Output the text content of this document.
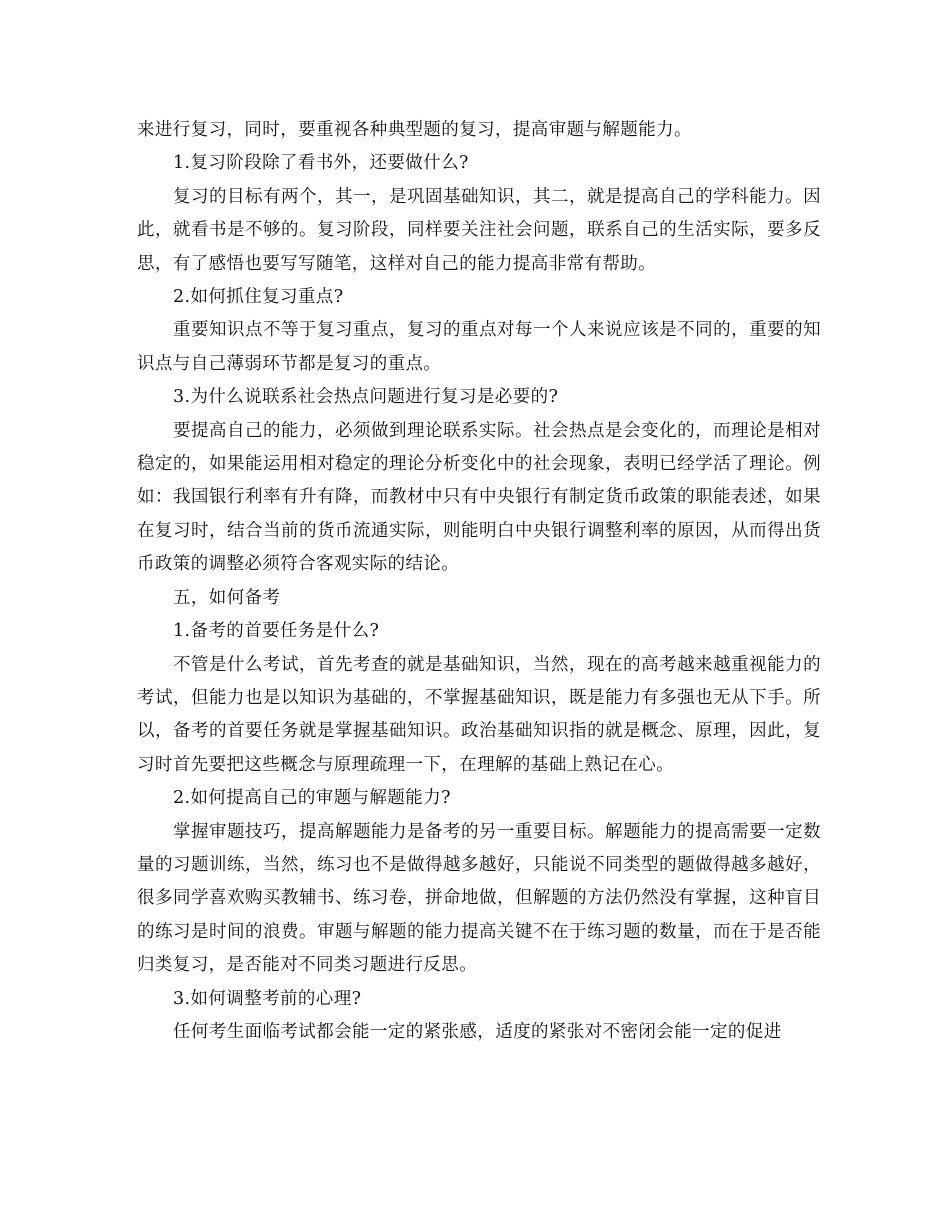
来进行复习，同时，要重视各种典型题的复习，提高审题与解题能力。

1.复习阶段除了看书外，还要做什么?

复习的目标有两个，其一，是巩固基础知识，其二，就是提高自己的学科能力。因此，就看书是不够的。复习阶段，同样要关注社会问题，联系自己的生活实际，要多反思，有了感悟也要写写随笔，这样对自己的能力提高非常有帮助。

2.如何抓住复习重点?

重要知识点不等于复习重点，复习的重点对每一个人来说应该是不同的，重要的知识点与自己薄弱环节都是复习的重点。

3.为什么说联系社会热点问题进行复习是必要的?

要提高自己的能力，必须做到理论联系实际。社会热点是会变化的，而理论是相对稳定的，如果能运用相对稳定的理论分析变化中的社会现象，表明已经学活了理论。例如：我国银行利率有升有降，而教材中只有中央银行有制定货币政策的职能表述，如果在复习时，结合当前的货币流通实际，则能明白中央银行调整利率的原因，从而得出货币政策的调整必须符合客观实际的结论。

五，如何备考

1.备考的首要任务是什么?

不管是什么考试，首先考查的就是基础知识，当然，现在的高考越来越重视能力的考试，但能力也是以知识为基础的，不掌握基础知识，既是能力有多强也无从下手。所以，备考的首要任务就是掌握基础知识。政治基础知识指的就是概念、原理，因此，复习时首先要把这些概念与原理疏理一下，在理解的基础上熟记在心。

2.如何提高自己的审题与解题能力?

掌握审题技巧，提高解题能力是备考的另一重要目标。解题能力的提高需要一定数量的习题训练，当然，练习也不是做得越多越好，只能说不同类型的题做得越多越好，很多同学喜欢购买教辅书、练习卷，拼命地做，但解题的方法仍然没有掌握，这种盲目的练习是时间的浪费。审题与解题的能力提高关键不在于练习题的数量，而在于是否能归类复习，是否能对不同类习题进行反思。

3.如何调整考前的心理?

任何考生面临考试都会能一定的紧张感，适度的紧张对不密闭会能一定的促进
